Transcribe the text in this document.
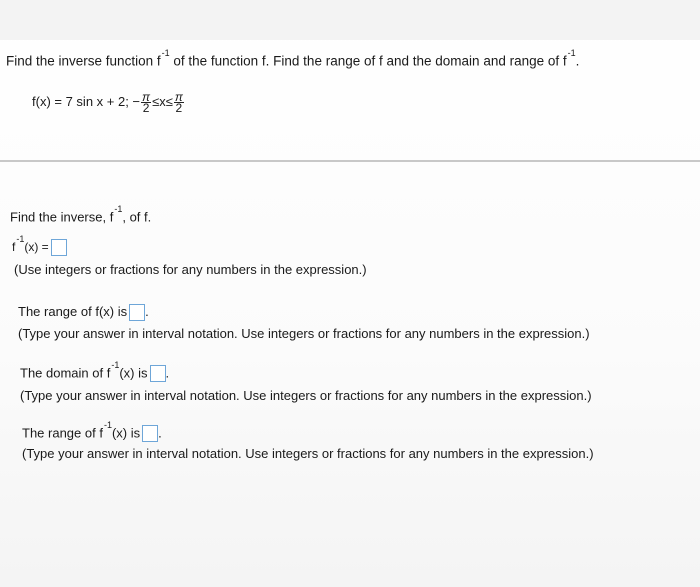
Find the inverse function $f^{-1}$ of the function f. Find the range of f and the domain and range of $f^{-1}$.
f(x) = 7 sin x + 2; − $\frac{\pi}{2} \le x\le \frac{\pi}{2}$
Find the inverse, $f^{-1}$, of f.
$f^{-1}(x)$ =
(Use integers or fractions for any numbers in the expression.)
The range of f(x) is .
(Type your answer in interval notation. Use integers or fractions for any numbers in the expression.)
The domain of $f^{-1}(x)$ is .
(Type your answer in interval notation. Use integers or fractions for any numbers in the expression.)
The range of $f^{-1}(x)$ is .
(Type your answer in interval notation. Use integers or fractions for any numbers in the expression.)
